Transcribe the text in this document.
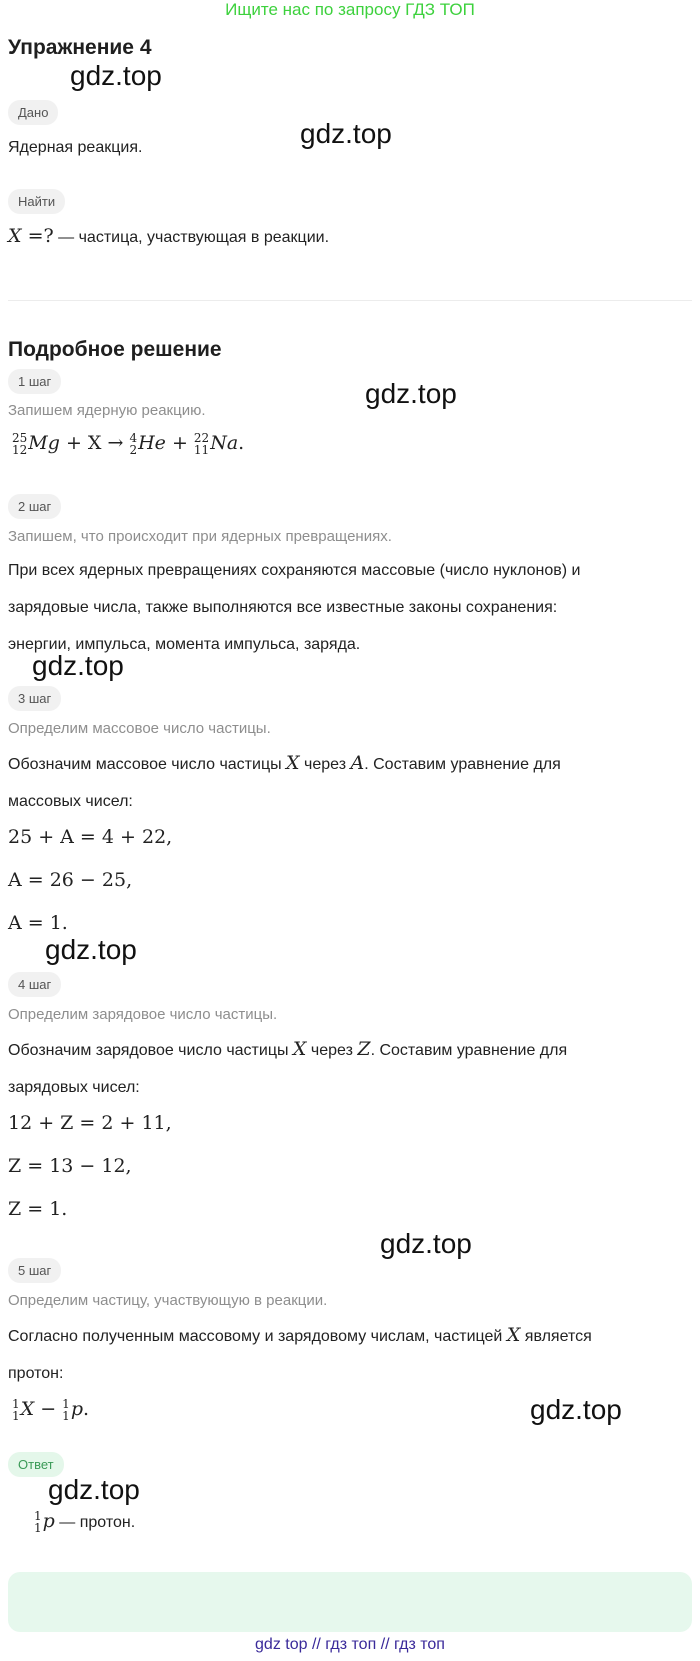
Ищите нас по запросу ГДЗ ТОП
Упражнение 4
gdz.top
Дано
gdz.top
Ядерная реакция.
Найти
X =? — частица, участвующая в реакции.
Подробное решение
1 шаг	gdz.top
Запишем ядерную реакцию.
25
12 Mg + X → 4
2 He + 22
11 Na.
2 шаг
Запишем, что происходит при ядерных превращениях.
При всех ядерных превращениях сохраняются массовые (число нуклонов) и
зарядовые числа, также выполняются все известные законы сохранения:
энергии, импульса, момента импульса, заряда.
gdz.top
3 шаг
Определим массовое число частицы.
Обозначим массовое число частицы X через A. Составим уравнение для
массовых чисел:
25 + A = 4 + 22,
A = 26 − 25,
A = 1.
gdz.top
4 шаг
Определим зарядовое число частицы.
Обозначим зарядовое число частицы X через Z. Составим уравнение для
зарядовых чисел:
12 + Z = 2 + 11,
Z = 13 − 12,
Z = 1.
gdz.top
5 шаг
Определим частицу, участвующую в реакции.
Согласно полученным массовому и зарядовому числам, частицей X является
протон:
1
1 X − 1
1 p.	gdz.top
Ответ
gdz.top
1
1 p — протон.
gdz top // гдз топ // гдз топ
